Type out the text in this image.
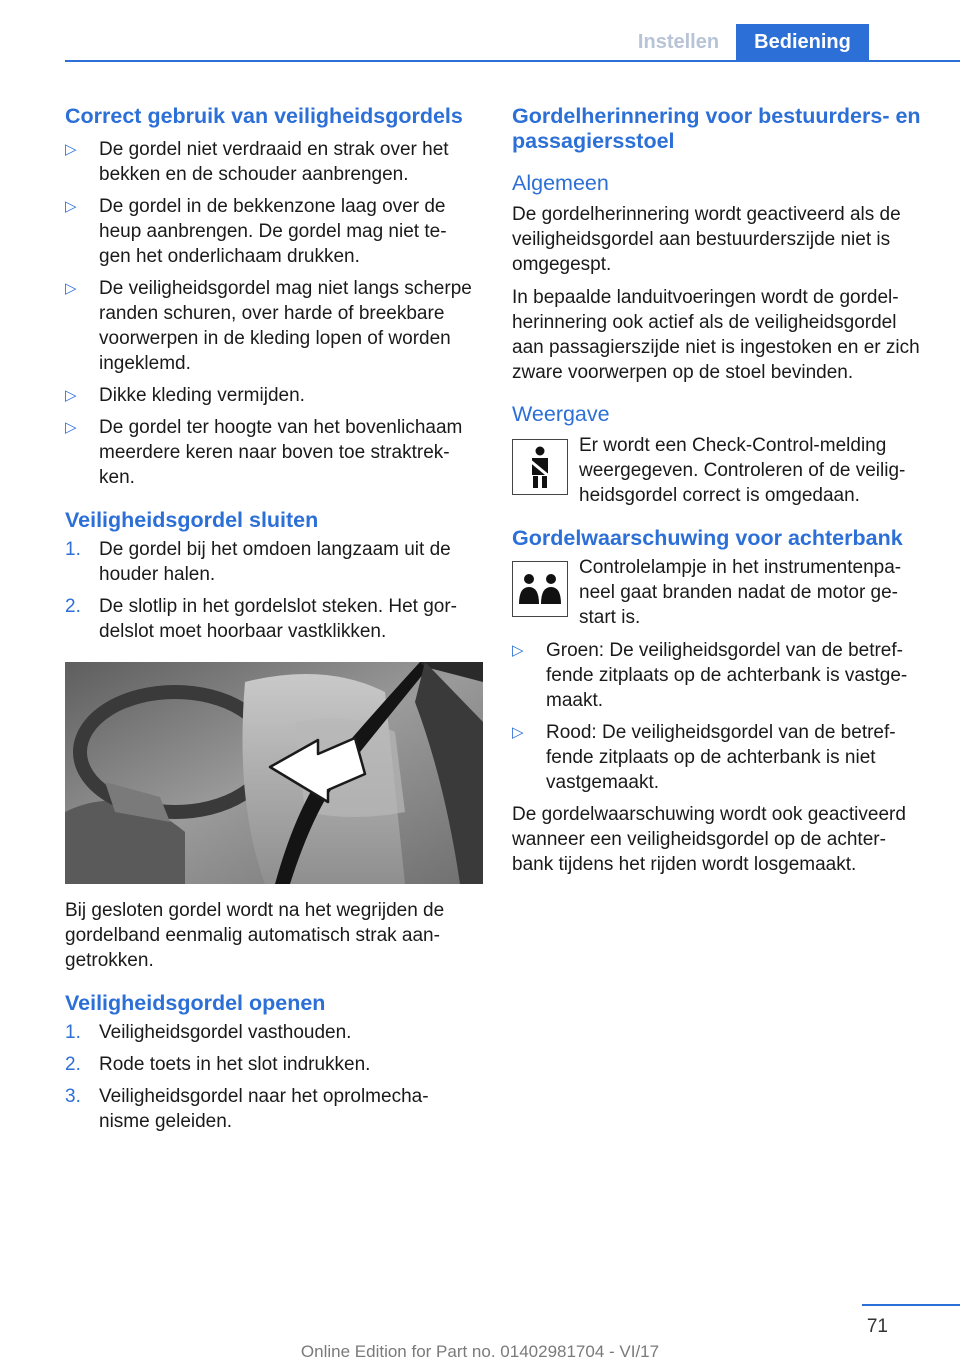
Instellen	Bediening
Correct gebruik van veiligheidsgordels
▷ De gordel niet verdraaid en strak over het bekken en de schouder aanbrengen.
▷ De gordel in de bekkenzone laag over de heup aanbrengen. De gordel mag niet te‐ gen het onderlichaam drukken.
▷ De veiligheidsgordel mag niet langs scherpe randen schuren, over harde of breekbare voorwerpen in de kleding lopen of worden ingeklemd.
▷ Dikke kleding vermijden.
▷ De gordel ter hoogte van het bovenlichaam meerdere keren naar boven toe straktrek‐ ken.
Veiligheidsgordel sluiten
1. De gordel bij het omdoen langzaam uit de houder halen.
2. De slotlip in het gordelslot steken. Het gor‐ delslot moet hoorbaar vastklikken.

Bij gesloten gordel wordt na het wegrijden de gordelband eenmalig automatisch strak aan‐ getrokken.

Veiligheidsgordel openen
1. Veiligheidsgordel vasthouden.
2. Rode toets in het slot indrukken.
3. Veiligheidsgordel naar het oprolmecha‐ nisme geleiden.
Gordelherinnering voor bestuurders- en passagiersstoel
Algemeen

De gordelherinnering wordt geactiveerd als de veiligheidsgordel aan bestuurderszijde niet is omgegespt.

In bepaalde landuitvoeringen wordt de gordel‐ herinnering ook actief als de veiligheidsgordel aan passagierszijde niet is ingestoken en er zich zware voorwerpen op de stoel bevinden.

Weergave
Er wordt een Check-Control-melding weergegeven. Controleren of de veilig‐ heidsgordel correct is omgedaan.
Gordelwaarschuwing voor achterbank
Controlelampje in het instrumentenpa‐ neel gaat branden nadat de motor ge‐ start is.
▷ Groen: De veiligheidsgordel van de betref‐ fende zitplaats op de achterbank is vastge‐ maakt.
▷ Rood: De veiligheidsgordel van de betref‐ fende zitplaats op de achterbank is niet vastgemaakt.

De gordelwaarschuwing wordt ook geactiveerd wanneer een veiligheidsgordel op de achter‐ bank tijdens het rijden wordt losgemaakt.

71
Online Edition for Part no. 01402981704 - VI/17
